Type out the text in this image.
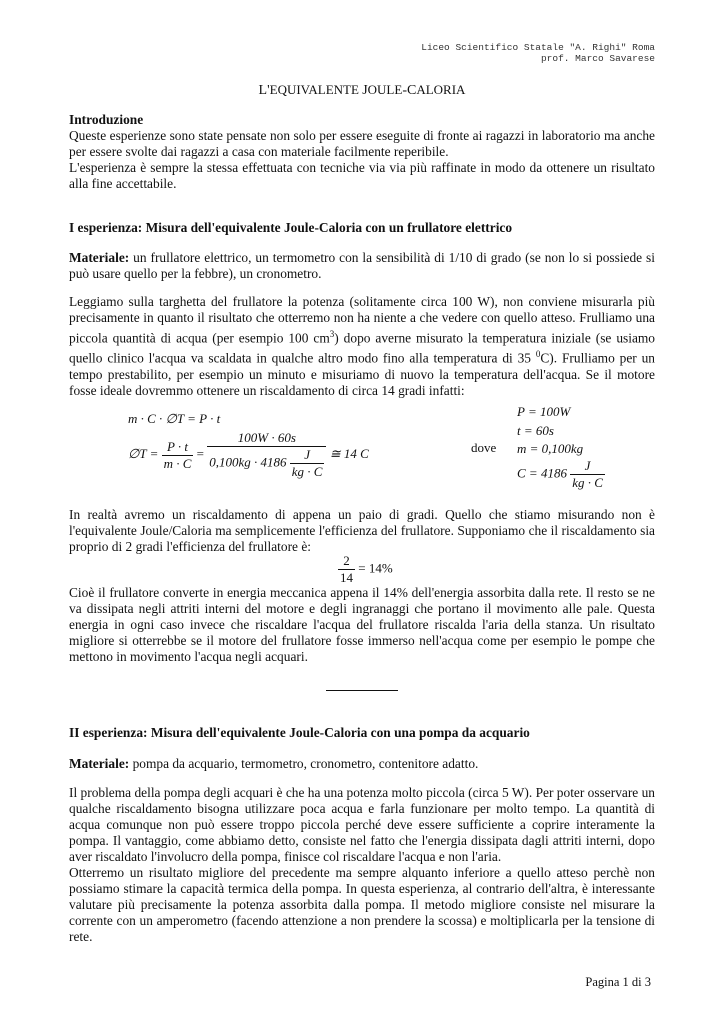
Liceo Scientifico Statale "A. Righi" Roma
prof. Marco Savarese
L'EQUIVALENTE JOULE-CALORIA

Introduzione

Queste esperienze sono state pensate non solo per essere eseguite di fronte ai ragazzi in laboratorio ma anche per essere svolte dai ragazzi a casa con materiale facilmente reperibile.

L'esperienza è sempre la stessa effettuata con tecniche via via più raffinate in modo da ottenere un risultato alla fine accettabile.

I esperienza: Misura dell'equivalente Joule-Caloria con un frullatore elettrico

Materiale: un frullatore elettrico, un termometro con la sensibilità di 1/10 di grado (se non lo si possiede si può usare quello per la febbre), un cronometro.

Leggiamo sulla targhetta del frullatore la potenza (solitamente circa 100 W), non conviene misurarla più precisamente in quanto il risultato che otterremo non ha niente a che vedere con quello atteso. Frulliamo una piccola quantità di acqua (per esempio 100 $cm^3$) dopo averne misurato la temperatura iniziale (se usiamo quello clinico l'acqua va scaldata in qualche altro modo fino alla temperatura di 35 $^0$C). Frulliamo per un tempo prestabilito, per esempio un minuto e misuriamo di nuovo la temperatura dell'acqua. Se il motore fosse ideale dovremmo ottenere un riscaldamento di circa 14 gradi infatti:

m · C · ∅T = P · t
∅T = $\frac{P \cdot t}{m \cdot C} = \frac{100W \cdot 60s}{0,100kg \cdot 4186 \frac{J}{kg \cdot C}}$ ≅ 14 C	dove
P = 100W
t = 60s
m = 0,100kg
$C = 4186 \frac{J}{kg \cdot C}$

In realtà avremo un riscaldamento di appena un paio di gradi. Quello che stiamo misurando non è l'equivalente Joule/Caloria ma semplicemente l'efficienza del frullatore. Supponiamo che il riscaldamento sia proprio di 2 gradi l'efficienza del frullatore è:

$\frac{2}{14} = 14\%$

Cioè il frullatore converte in energia meccanica appena il 14% dell'energia assorbita dalla rete. Il resto se ne va dissipata negli attriti interni del motore e degli ingranaggi che portano il movimento alle pale. Questa energia in ogni caso invece che riscaldare l'acqua del frullatore riscalda l'aria della stanza. Un risultato migliore si otterrebbe se il motore del frullatore fosse immerso nell'acqua come per esempio le pompe che mettono in movimento l'acqua negli acquari.

II esperienza: Misura dell'equivalente Joule-Caloria con una pompa da acquario

Materiale: pompa da acquario, termometro, cronometro, contenitore adatto.

Il problema della pompa degli acquari è che ha una potenza molto piccola (circa 5 W). Per poter osservare un qualche riscaldamento bisogna utilizzare poca acqua e farla funzionare per molto tempo. La quantità di acqua comunque non può essere troppo piccola perché deve essere sufficiente a coprire interamente la pompa. Il vantaggio, come abbiamo detto, consiste nel fatto che l'energia dissipata dagli attriti interni, dopo aver riscaldato l'involucro della pompa, finisce col riscaldare l'acqua e non l'aria.

Otterremo un risultato migliore del precedente ma sempre alquanto inferiore a quello atteso perchè non possiamo stimare la capacità termica della pompa. In questa esperienza, al contrario dell'altra, è interessante valutare più precisamente la potenza assorbita dalla pompa. Il metodo migliore consiste nel misurare la corrente con un amperometro (facendo attenzione a non prendere la scossa) e moltiplicarla per la tensione di rete.

Pagina 1 di 3
